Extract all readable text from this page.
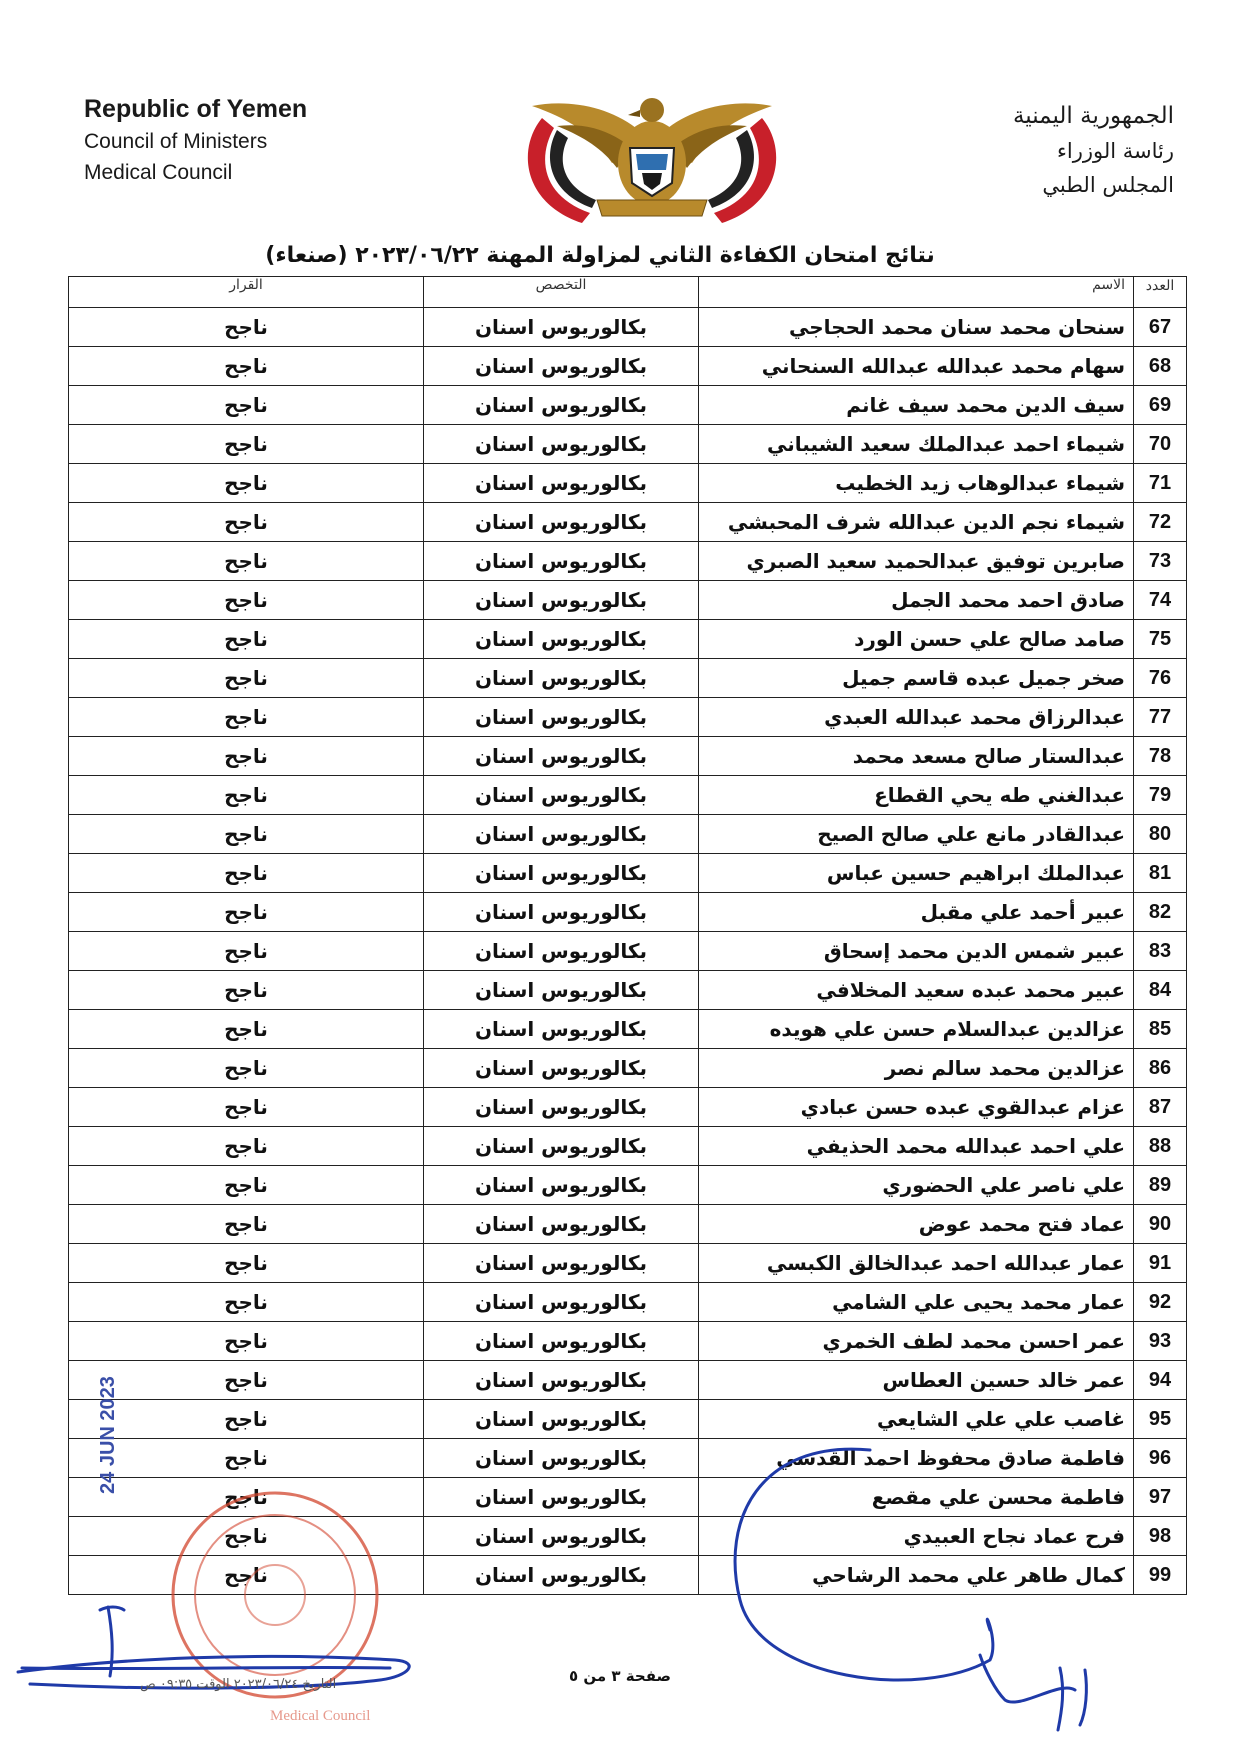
Republic of Yemen
Council of Ministers
Medical Council
الجمهورية اليمنية
رئاسة الوزراء
المجلس الطبي
نتائج امتحان الكفاءة الثاني لمزاولة المهنة ٢٠٢٣/٠٦/٢٢ (صنعاء)
العدد	الاسم	التخصص	القرار
67	سنحان محمد سنان محمد الحجاجي	بكالوريوس اسنان	ناجح
68	سهام محمد عبدالله عبدالله السنحاني	بكالوريوس اسنان	ناجح
69	سيف الدين محمد سيف غانم	بكالوريوس اسنان	ناجح
70	شيماء احمد عبدالملك سعيد الشيباني	بكالوريوس اسنان	ناجح
71	شيماء عبدالوهاب زيد الخطيب	بكالوريوس اسنان	ناجح
72	شيماء نجم الدين عبدالله شرف المحبشي	بكالوريوس اسنان	ناجح
73	صابرين توفيق عبدالحميد سعيد الصبري	بكالوريوس اسنان	ناجح
74	صادق احمد محمد الجمل	بكالوريوس اسنان	ناجح
75	صامد صالح علي حسن الورد	بكالوريوس اسنان	ناجح
76	صخر جميل عبده قاسم جميل	بكالوريوس اسنان	ناجح
77	عبدالرزاق محمد عبدالله العبدي	بكالوريوس اسنان	ناجح
78	عبدالستار صالح مسعد محمد	بكالوريوس اسنان	ناجح
79	عبدالغني طه يحي القطاع	بكالوريوس اسنان	ناجح
80	عبدالقادر مانع علي صالح الصيح	بكالوريوس اسنان	ناجح
81	عبدالملك ابراهيم حسين عباس	بكالوريوس اسنان	ناجح
82	عبير أحمد علي مقبل	بكالوريوس اسنان	ناجح
83	عبير شمس الدين محمد إسحاق	بكالوريوس اسنان	ناجح
84	عبير محمد عبده سعيد المخلافي	بكالوريوس اسنان	ناجح
85	عزالدين عبدالسلام حسن علي هويده	بكالوريوس اسنان	ناجح
86	عزالدين محمد سالم نصر	بكالوريوس اسنان	ناجح
87	عزام عبدالقوي عبده حسن عبادي	بكالوريوس اسنان	ناجح
88	علي احمد عبدالله محمد الحذيفي	بكالوريوس اسنان	ناجح
89	علي ناصر علي الحضوري	بكالوريوس اسنان	ناجح
90	عماد فتح محمد عوض	بكالوريوس اسنان	ناجح
91	عمار عبدالله احمد عبدالخالق الكبسي	بكالوريوس اسنان	ناجح
92	عمار محمد يحيى علي الشامي	بكالوريوس اسنان	ناجح
93	عمر احسن محمد لطف الخمري	بكالوريوس اسنان	ناجح
94	عمر خالد حسين العطاس	بكالوريوس اسنان	ناجح
95	غاصب علي علي الشايعي	بكالوريوس اسنان	ناجح
96	فاطمة صادق محفوظ احمد القدسي	بكالوريوس اسنان	ناجح
97	فاطمة محسن علي مقصع	بكالوريوس اسنان	ناجح
98	فرح عماد نجاح العبيدي	بكالوريوس اسنان	ناجح
99	كمال طاهر علي محمد الرشاحي	بكالوريوس اسنان	ناجح
24 JUN 2023
Medical Council
صفحة ٣ من ٥
التاريخ ٢٠٢٣/٠٦/٢٤ الوقت ٠٩:٣٥ ص
